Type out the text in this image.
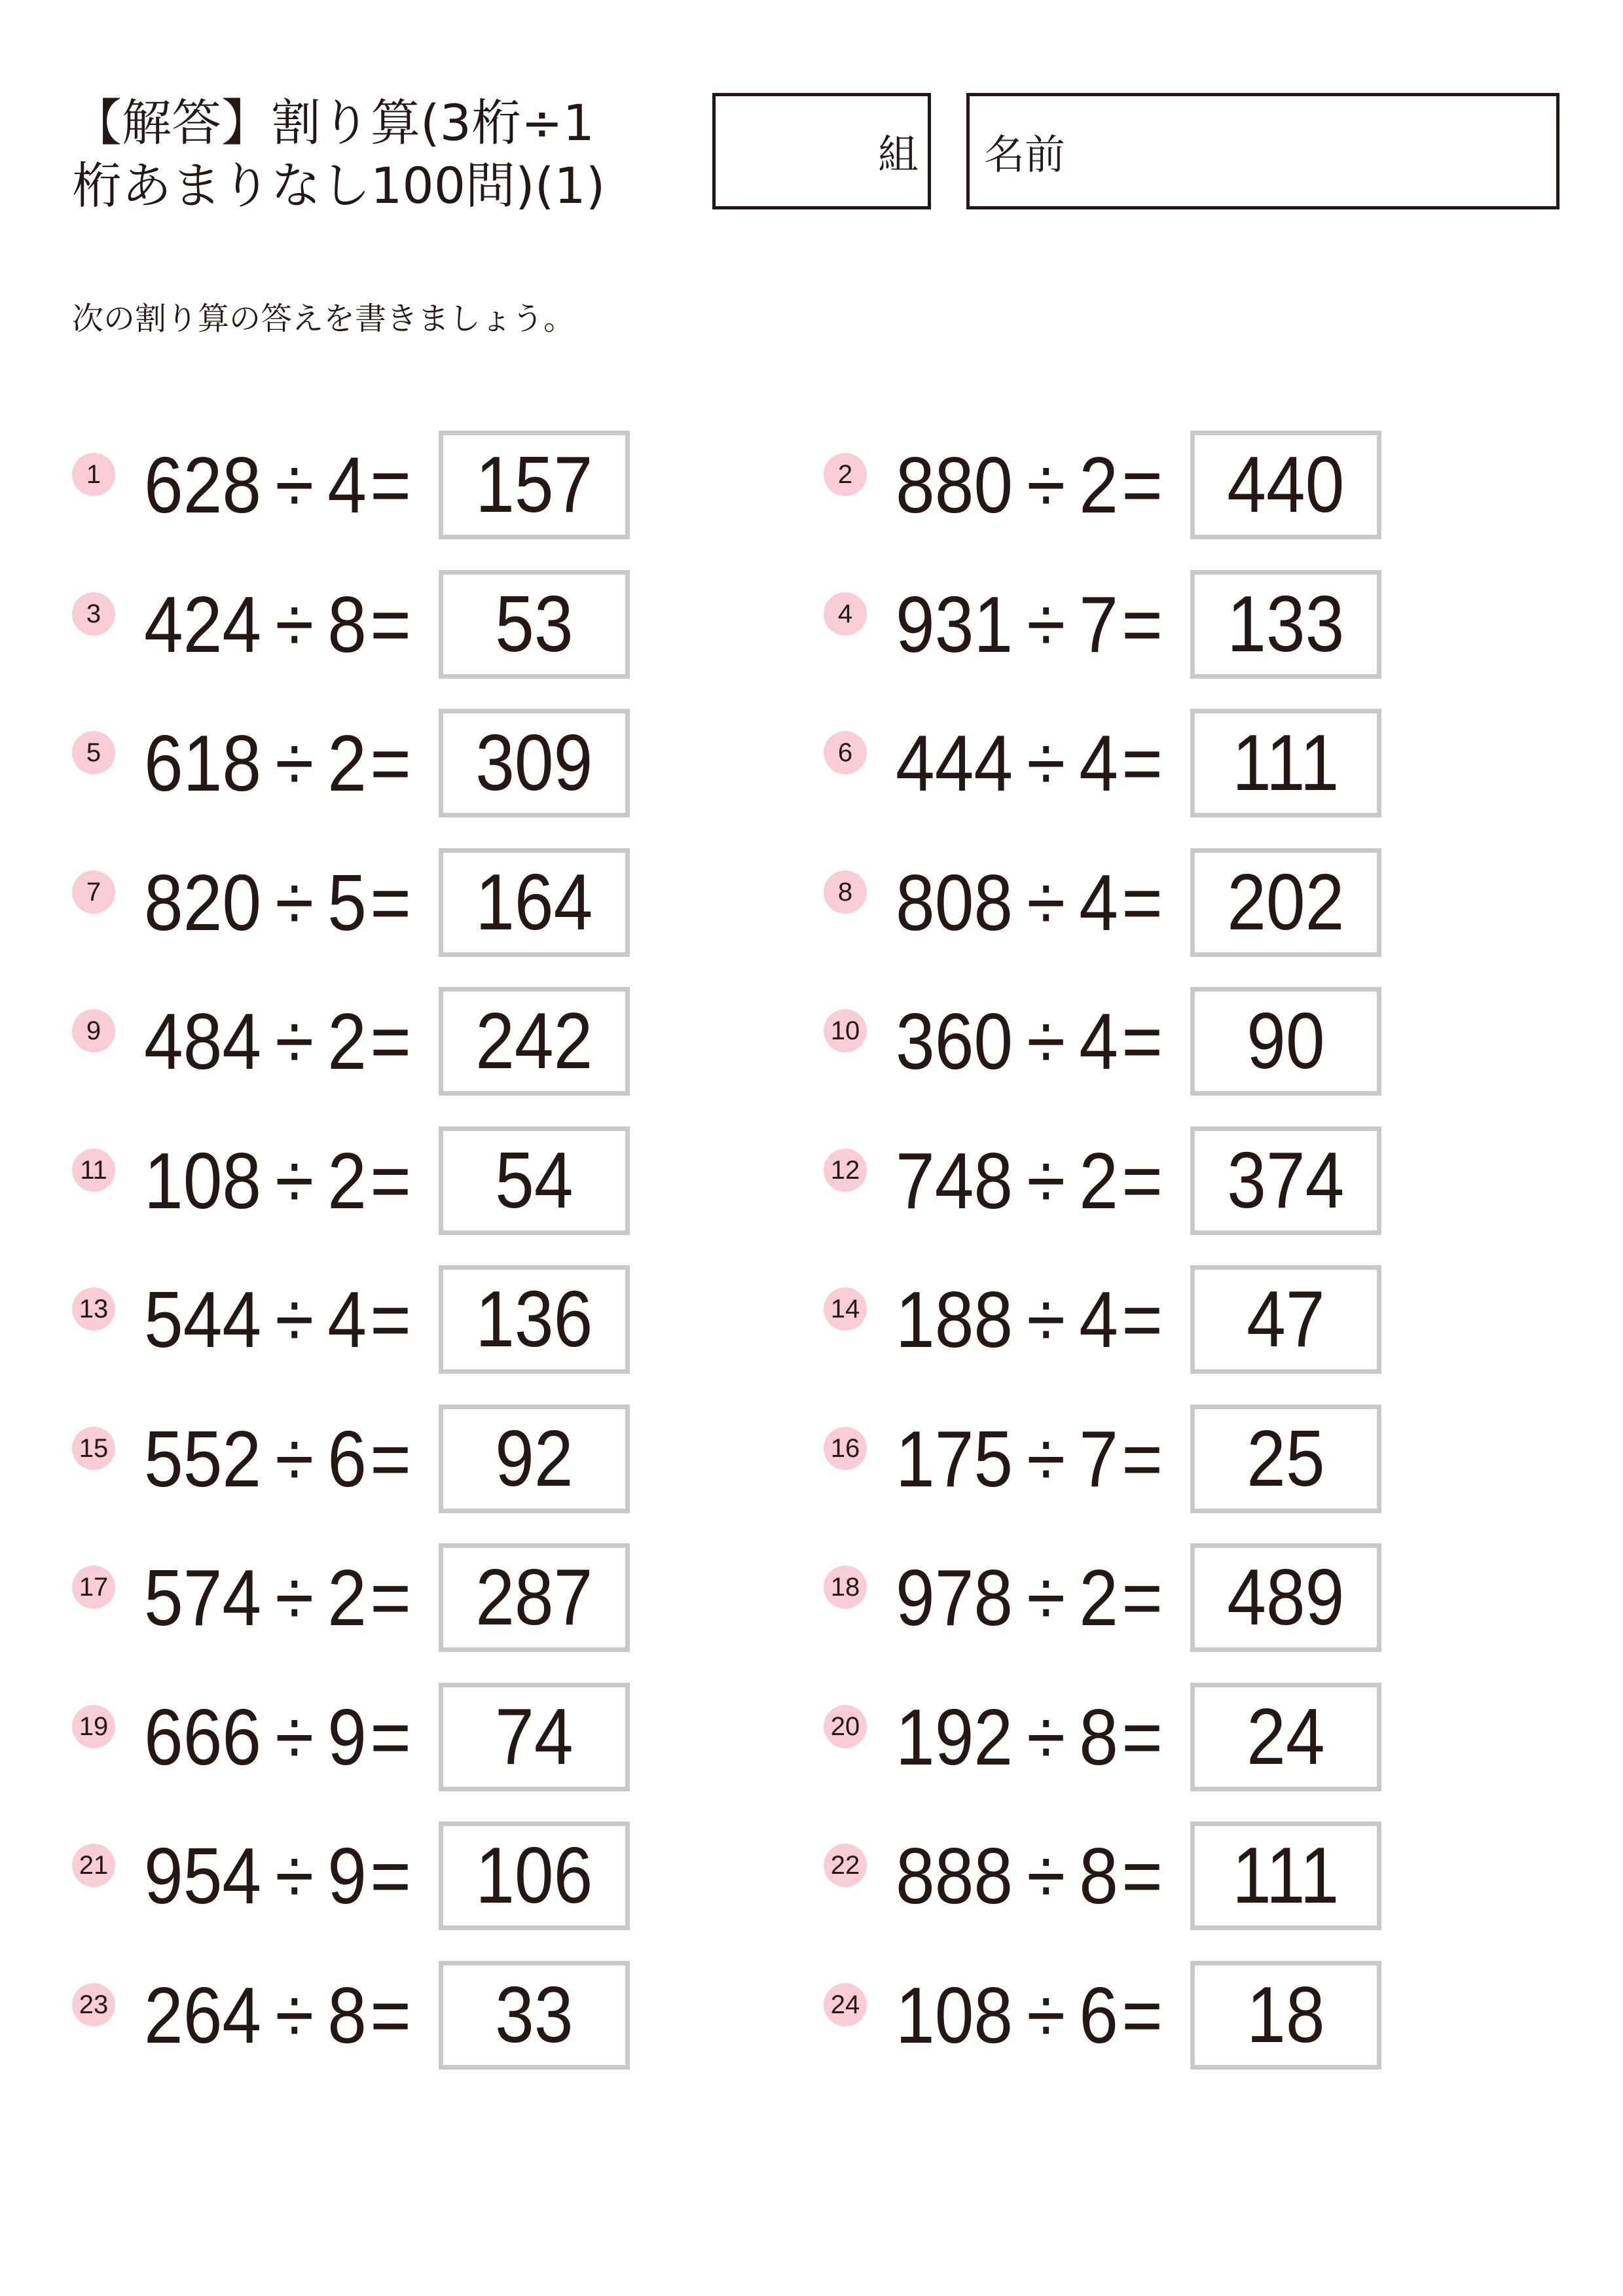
【解答】割り算(3桁÷1
桁あまりなし100問)(1)
組 名前
次の割り算の答えを書きましょう。
1 628 ÷ 4= 157	2 880 ÷ 2= 440
3 424 ÷ 8=	53	4 931 ÷ 7= 133
5 618 ÷ 2= 309	6 444 ÷ 4= 111
7 820 ÷ 5= 164	8 808 ÷ 4= 202
9 484 ÷ 2= 242	10 360 ÷ 4=	90
11 108 ÷ 2=	54	12 748 ÷ 2= 374
13 544 ÷ 4= 136	14 188 ÷ 4=	47
15 552 ÷ 6=	92	16 175 ÷ 7=	25
17 574 ÷ 2= 287	18 978 ÷ 2= 489
19 666 ÷ 9=	74	20 192 ÷ 8=	24
21 954 ÷ 9= 106	22 888 ÷ 8= 111
23 264 ÷ 8=	33	24 108 ÷ 6=	18
